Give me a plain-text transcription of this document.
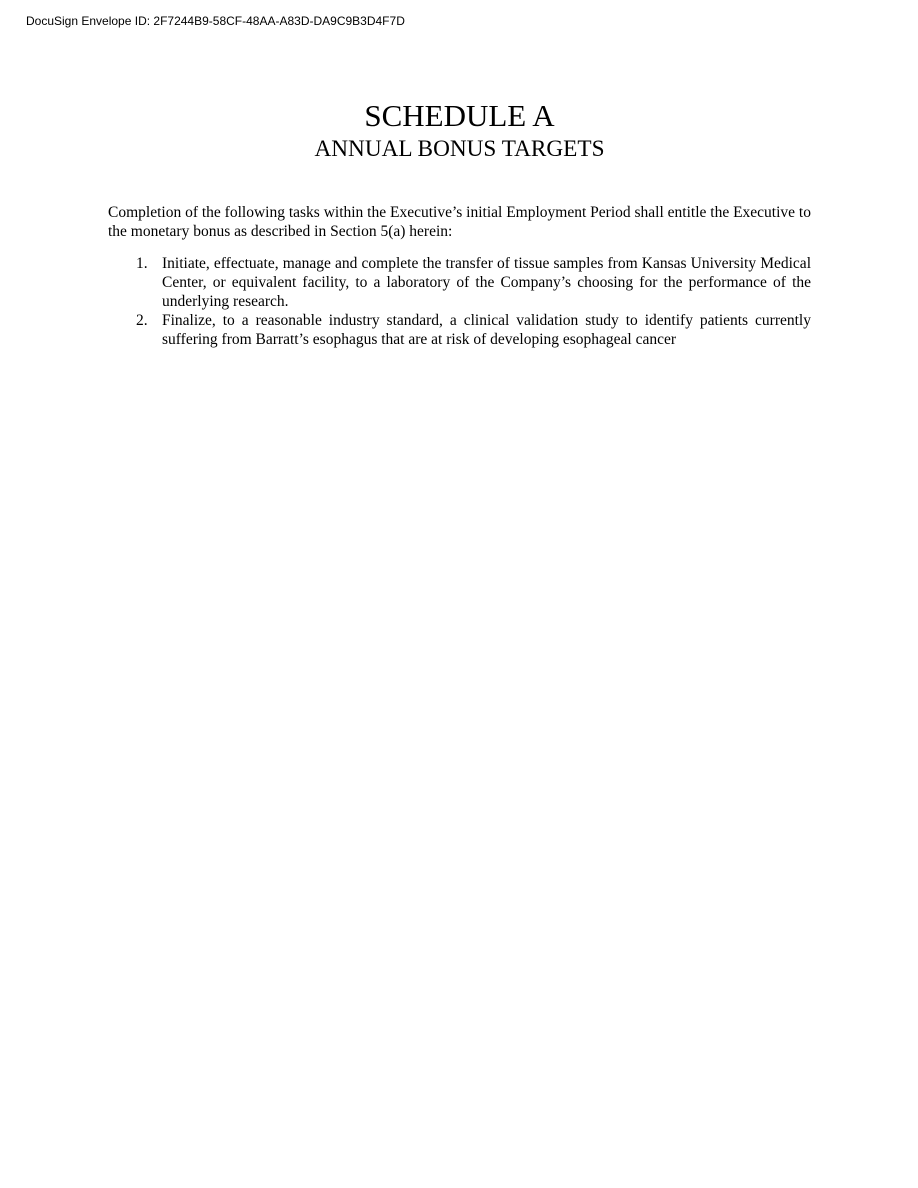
DocuSign Envelope ID: 2F7244B9-58CF-48AA-A83D-DA9C9B3D4F7D
SCHEDULE A
ANNUAL BONUS TARGETS

Completion of the following tasks within the Executive’s initial Employment Period shall entitle the Executive to the monetary bonus as described in Section 5(a) herein:

1. Initiate, effectuate, manage and complete the transfer of tissue samples from Kansas University Medical Center, or equivalent facility, to a laboratory of the Company’s choosing for the performance of the underlying research.
2. Finalize, to a reasonable industry standard, a clinical validation study to identify patients currently suffering from Barratt’s esophagus that are at risk of developing esophageal cancer
